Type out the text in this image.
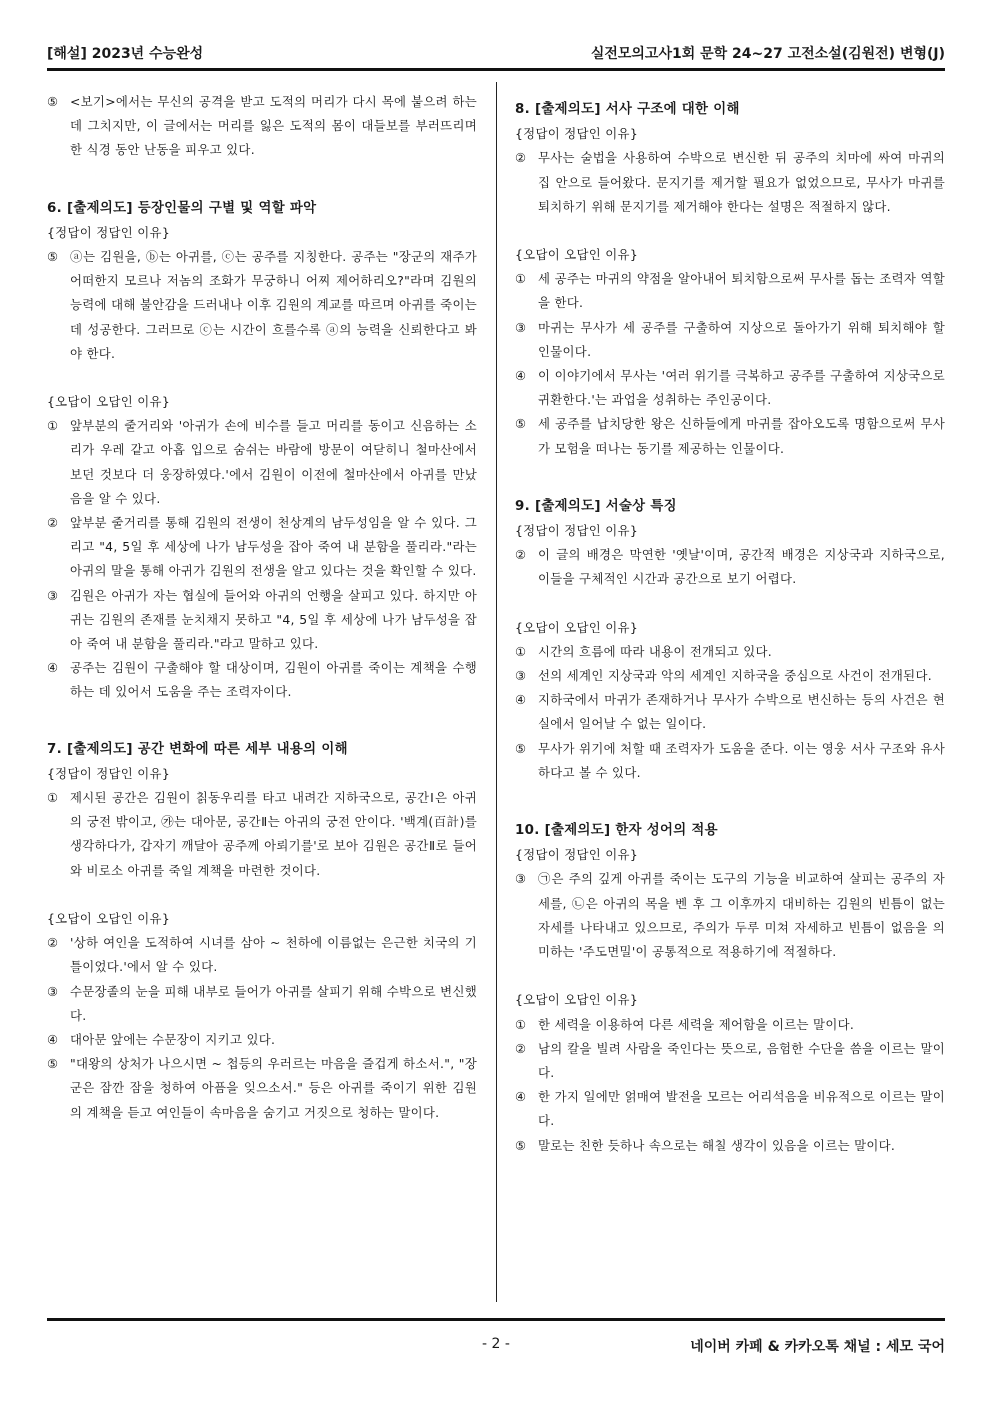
[해설] 2023년 수능완성	실전모의고사1회 문학 24~27 고전소설(김원전) 변형(J)
⑤ <보기>에서는 무신의 공격을 받고 도적의 머리가 다시 목에 붙으려 하는 데 그치지만, 이 글에서는 머리를 잃은 도적의 몸이 대들보를 부러뜨리며 한 식경 동안 난동을 피우고 있다.
6. [출제의도] 등장인물의 구별 및 역할 파악
{정답이 정답인 이유}
⑤ ⓐ는 김원을, ⓑ는 아귀를, ⓒ는 공주를 지칭한다. 공주는 "장군의 재주가 어떠한지 모르나 저놈의 조화가 무궁하니 어찌 제어하리오?"라며 김원의 능력에 대해 불안감을 드러내나 이후 김원의 계교를 따르며 아귀를 죽이는 데 성공한다. 그러므로 ⓒ는 시간이 흐를수록 ⓐ의 능력을 신뢰한다고 봐야 한다.
{오답이 오답인 이유}
① 앞부분의 줄거리와 '아귀가 손에 비수를 들고 머리를 동이고 신음하는 소리가 우레 같고 아홉 입으로 숨쉬는 바람에 방문이 여닫히니 철마산에서 보던 것보다 더 웅장하였다.'에서 김원이 이전에 철마산에서 아귀를 만났음을 알 수 있다.
② 앞부분 줄거리를 통해 김원의 전생이 천상계의 남두성임을 알 수 있다. 그리고 "4, 5일 후 세상에 나가 남두성을 잡아 죽여 내 분함을 풀리라."라는 아귀의 말을 통해 아귀가 김원의 전생을 알고 있다는 것을 확인할 수 있다.
③ 김원은 아귀가 자는 협실에 들어와 아귀의 언행을 살피고 있다. 하지만 아귀는 김원의 존재를 눈치채지 못하고 "4, 5일 후 세상에 나가 남두성을 잡아 죽여 내 분함을 풀리라."라고 말하고 있다.
④ 공주는 김원이 구출해야 할 대상이며, 김원이 아귀를 죽이는 계책을 수행하는 데 있어서 도움을 주는 조력자이다.
7. [출제의도] 공간 변화에 따른 세부 내용의 이해
{정답이 정답인 이유}
① 제시된 공간은 김원이 칡동우리를 타고 내려간 지하국으로, 공간Ⅰ은 아귀의 궁전 밖이고, ㉮는 대아문, 공간Ⅱ는 아귀의 궁전 안이다. '백계(百計)를 생각하다가, 갑자기 깨달아 공주께 아뢰기를'로 보아 김원은 공간Ⅱ로 들어와 비로소 아귀를 죽일 계책을 마련한 것이다.
{오답이 오답인 이유}
② '상하 여인을 도적하여 시녀를 삼아 ~ 천하에 이름없는 은근한 치국의 기틀이었다.'에서 알 수 있다.
③ 수문장졸의 눈을 피해 내부로 들어가 아귀를 살피기 위해 수박으로 변신했다.
④ 대아문 앞에는 수문장이 지키고 있다.
⑤ "대왕의 상처가 나으시면 ~ 첩등의 우러르는 마음을 즐겁게 하소서.", "장군은 잠깐 잠을 청하여 아픔을 잊으소서." 등은 아귀를 죽이기 위한 김원의 계책을 듣고 여인들이 속마음을 숨기고 거짓으로 청하는 말이다.
8. [출제의도] 서사 구조에 대한 이해
{정답이 정답인 이유}
② 무사는 술법을 사용하여 수박으로 변신한 뒤 공주의 치마에 싸여 마귀의 집 안으로 들어왔다. 문지기를 제거할 필요가 없었으므로, 무사가 마귀를 퇴치하기 위해 문지기를 제거해야 한다는 설명은 적절하지 않다.
{오답이 오답인 이유}
① 세 공주는 마귀의 약점을 알아내어 퇴치함으로써 무사를 돕는 조력자 역할을 한다.
③ 마귀는 무사가 세 공주를 구출하여 지상으로 돌아가기 위해 퇴치해야 할 인물이다.
④ 이 이야기에서 무사는 '여러 위기를 극복하고 공주를 구출하여 지상국으로 귀환한다.'는 과업을 성취하는 주인공이다.
⑤ 세 공주를 납치당한 왕은 신하들에게 마귀를 잡아오도록 명함으로써 무사가 모험을 떠나는 동기를 제공하는 인물이다.
9. [출제의도] 서술상 특징
{정답이 정답인 이유}
② 이 글의 배경은 막연한 '옛날'이며, 공간적 배경은 지상국과 지하국으로, 이들을 구체적인 시간과 공간으로 보기 어렵다.
{오답이 오답인 이유}
① 시간의 흐름에 따라 내용이 전개되고 있다.
③ 선의 세계인 지상국과 악의 세계인 지하국을 중심으로 사건이 전개된다.
④ 지하국에서 마귀가 존재하거나 무사가 수박으로 변신하는 등의 사건은 현실에서 일어날 수 없는 일이다.
⑤ 무사가 위기에 처할 때 조력자가 도움을 준다. 이는 영웅 서사 구조와 유사하다고 볼 수 있다.
10. [출제의도] 한자 성어의 적용
{정답이 정답인 이유}
③ ㉠은 주의 깊게 아귀를 죽이는 도구의 기능을 비교하여 살피는 공주의 자세를, ㉡은 아귀의 목을 벤 후 그 이후까지 대비하는 김원의 빈틈이 없는 자세를 나타내고 있으므로, 주의가 두루 미쳐 자세하고 빈틈이 없음을 의미하는 '주도면밀'이 공통적으로 적용하기에 적절하다.
{오답이 오답인 이유}
① 한 세력을 이용하여 다른 세력을 제어함을 이르는 말이다.
② 남의 칼을 빌려 사람을 죽인다는 뜻으로, 음험한 수단을 씀을 이르는 말이다.
④ 한 가지 일에만 얽매여 발전을 모르는 어리석음을 비유적으로 이르는 말이다.
⑤ 말로는 친한 듯하나 속으로는 해칠 생각이 있음을 이르는 말이다.
- 2 -	네이버 카페 & 카카오톡 채널 : 세모 국어
